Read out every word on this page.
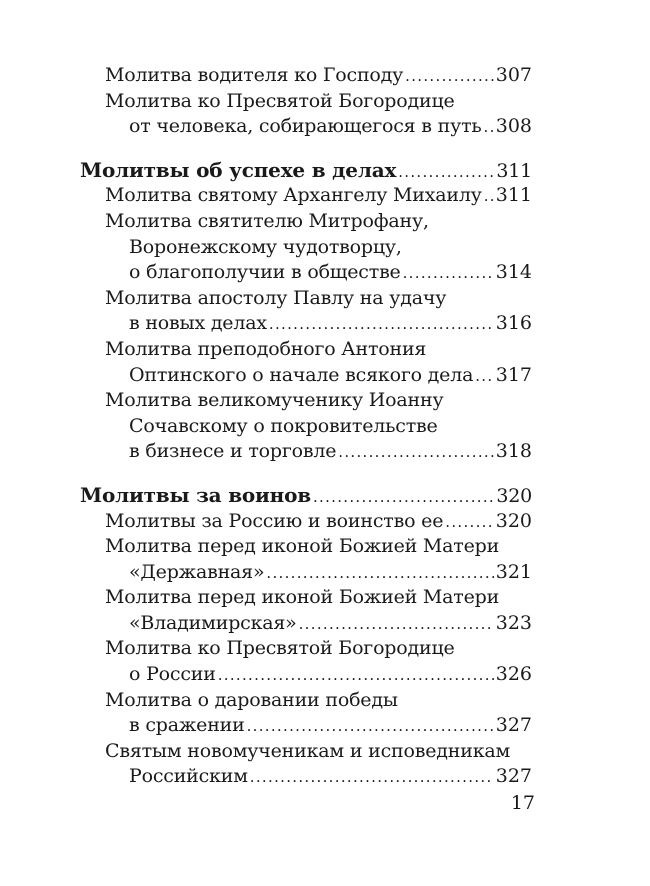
Молитва водителя ко Господу .....	307
Молитва ко Пресвятой Богородице
от человека, собирающегося в путь ..... 308
Молитвы об успехе в делах .....	311
Молитва святому Архангелу Михаилу ..... 311
Молитва святителю Митрофану,
Воронежскому чудотворцу,
о благополучии в обществе .....	314
Молитва апостолу Павлу на удачу
в новых делах .....	316
Молитва преподобного Антония
Оптинского о начале всякого дела ..... 317
Молитва великомученику Иоанну
Сочавскому о покровительстве
в бизнесе и торговле .....	318
Молитвы за воинов .....	320
Молитвы за Россию и воинство ее .....	320
Молитва перед иконой Божией Матери
«Державная» .....	321
Молитва перед иконой Божией Матери
«Владимирская» .....	323
Молитва ко Пресвятой Богородице
о России .....	326
Молитва о даровании победы
в сражении .....	327
Святым новомученикам и исповедникам
Российским .....	327
17
